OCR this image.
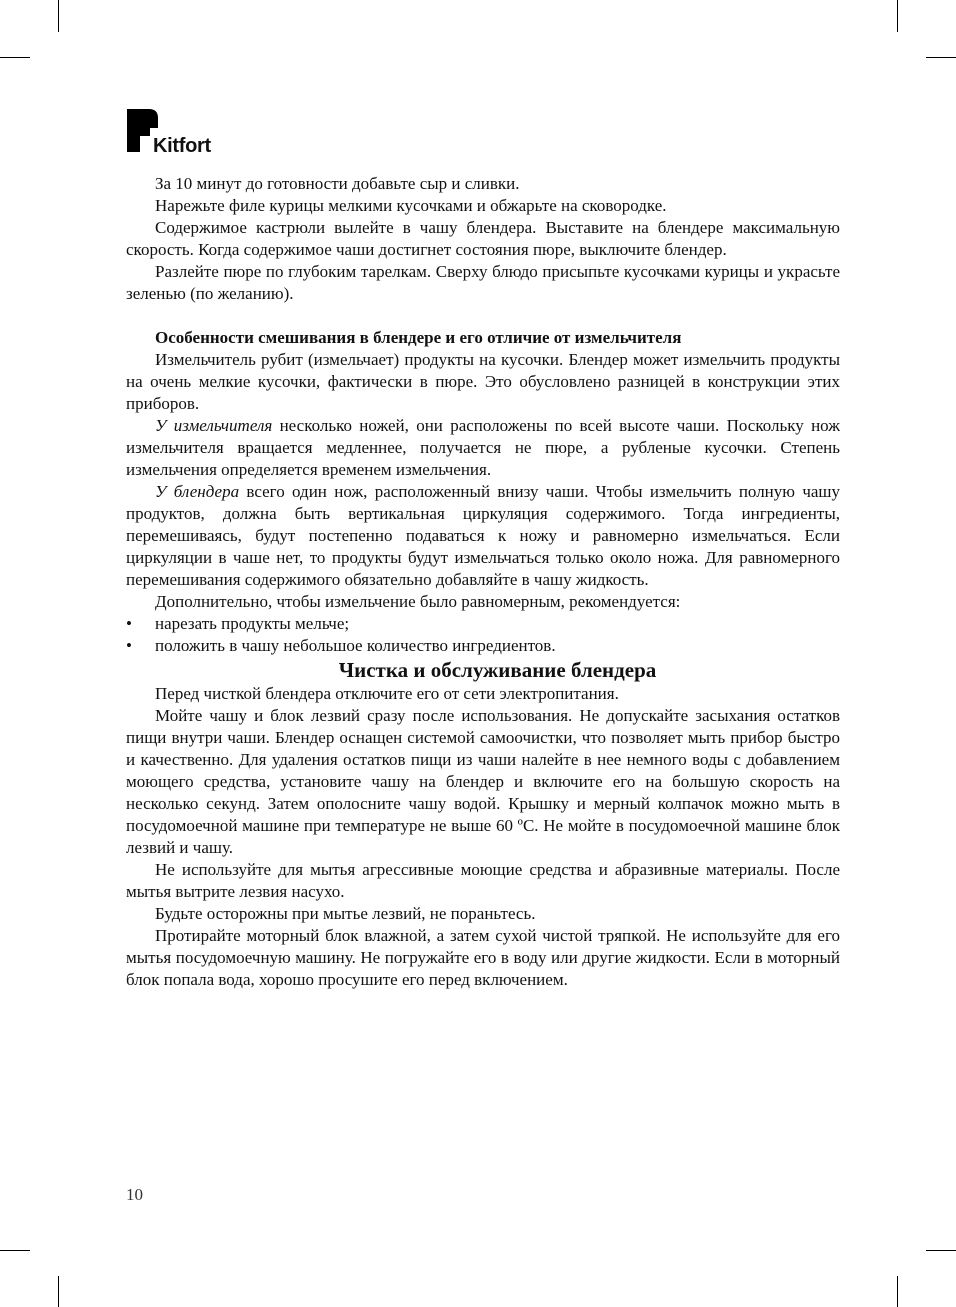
Kitfort

За 10 минут до готовности добавьте сыр и сливки.

Нарежьте филе курицы мелкими кусочками и обжарьте на сковородке.

Содержимое кастрюли вылейте в чашу блендера. Выставите на блендере максимальную скорость. Когда содержимое чаши достигнет состояния пюре, выключите блендер.

Разлейте пюре по глубоким тарелкам. Сверху блюдо присыпьте кусочками курицы и украсьте зеленью (по желанию).

Особенности смешивания в блендере и его отличие от измельчителя

Измельчитель рубит (измельчает) продукты на кусочки. Блендер может измельчить продукты на очень мелкие кусочки, фактически в пюре. Это обусловлено разницей в конструкции этих приборов.

У измельчителя несколько ножей, они расположены по всей высоте чаши. Поскольку нож измельчителя вращается медленнее, получается не пюре, а рубленые кусочки. Степень измельчения определяется временем измельчения.

У блендера всего один нож, расположенный внизу чаши. Чтобы измельчить полную чашу продуктов, должна быть вертикальная циркуляция содержимого. Тогда ингредиенты, перемешиваясь, будут постепенно подаваться к ножу и равномерно измельчаться. Если циркуляции в чаше нет, то продукты будут измельчаться только около ножа. Для равномерного перемешивания содержимого обязательно добавляйте в чашу жидкость.

Дополнительно, чтобы измельчение было равномерным, рекомендуется:

• нарезать продукты мельче;
• положить в чашу небольшое количество ингредиентов.

Чистка и обслуживание блендера

Перед чисткой блендера отключите его от сети электропитания.

Мойте чашу и блок лезвий сразу после использования. Не допускайте засыхания остатков пищи внутри чаши. Блендер оснащен системой самоочистки, что позволяет мыть прибор быстро и качественно. Для удаления остатков пищи из чаши налейте в нее немного воды с добавлением моющего средства, установите чашу на блендер и включите его на большую скорость на несколько секунд. Затем ополосните чашу водой. Крышку и мерный колпачок можно мыть в посудомоечной машине при температуре не выше 60 ºС. Не мойте в посудомоечной машине блок лезвий и чашу.

Не используйте для мытья агрессивные моющие средства и абразивные материалы. После мытья вытрите лезвия насухо.

Будьте осторожны при мытье лезвий, не пораньтесь.

Протирайте моторный блок влажной, а затем сухой чистой тряпкой. Не используйте для его мытья посудомоечную машину. Не погружайте его в воду или другие жидкости. Если в моторный блок попала вода, хорошо просушите его перед включением.

10
